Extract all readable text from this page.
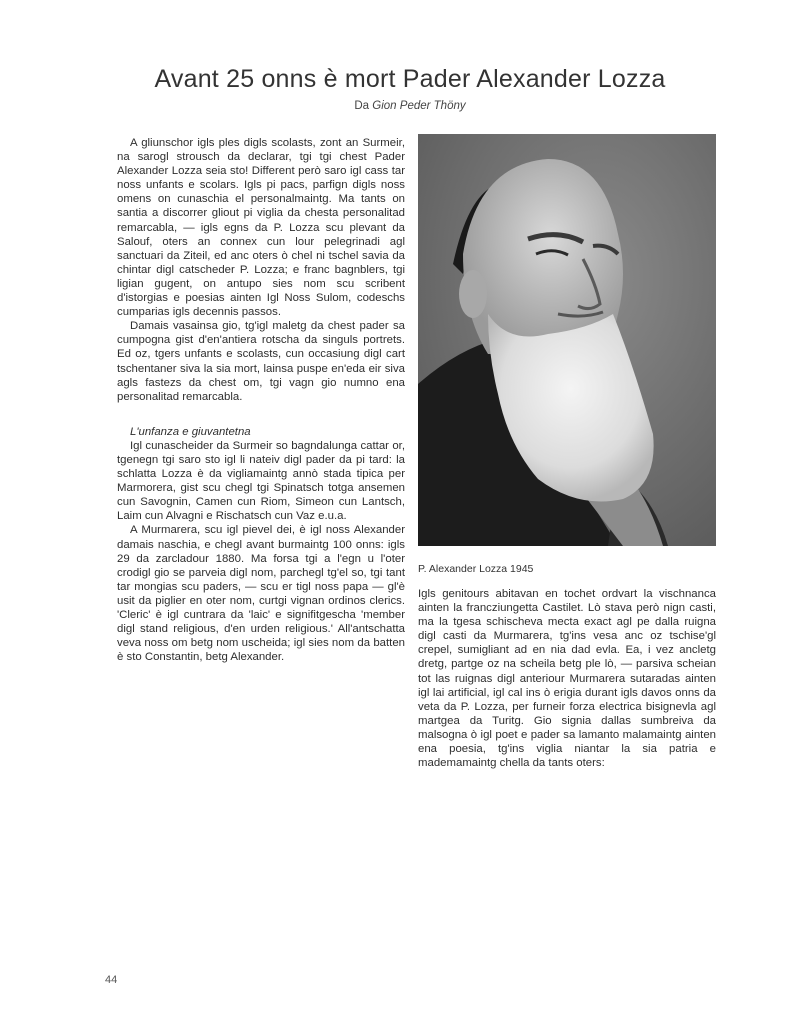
Avant 25 onns è mort Pader Alexander Lozza
Da Gion Peder Thöny

A gliunschor igls ples digls scolasts, zont an Surmeir, na sarogl strousch da declarar, tgi tgi chest Pader Alexander Lozza seia sto! Different però saro igl cass tar noss unfants e scolars. Igls pi pacs, parfign digls noss omens on cunaschia el personalmaintg. Ma tants on santia a discorrer gliout pi viglia da chesta personalitad remarcabla, — igls egns da P. Lozza scu plevant da Salouf, oters an connex cun lour pelegrinadi agl sanctuari da Ziteil, ed anc oters ò chel ni tschel savia da chintar digl catscheder P. Lozza; e franc bagnblers, tgi ligian gugent, on antupo sies nom scu scribent d'istorgias e poesias ainten Igl Noss Sulom, codeschs cumparias igls decennis passos.

Damais vasainsa gio, tg'igl maletg da chest pader sa cumpogna gist d'en'antiera rotscha da singuls portrets. Ed oz, tgers unfants e scolasts, cun occasiung digl cart tschentaner siva la sia mort, lainsa puspe en'eda eir siva agls fastezs da chest om, tgi vagn gio numno ena personalitad remarcabla.

L'unfanza e giuvantetna

Igl cunascheider da Surmeir so bagndalunga cattar or, tgenegn tgi saro sto igl li nateiv digl pader da pi tard: la schlatta Lozza è da vigliamaintg annò stada tipica per Marmorera, gist scu chegl tgi Spinatsch totga ansemen cun Savognin, Camen cun Riom, Simeon cun Lantsch, Laim cun Alvagni e Rischatsch cun Vaz e.u.a.

A Murmarera, scu igl pievel dei, è igl noss Alexander damais naschia, e chegl avant burmaintg 100 onns: igls 29 da zarcladour 1880. Ma forsa tgi a l'egn u l'oter crodigl gio se parveia digl nom, parchegl tg'el so, tgi tant tar mongias scu paders, — scu er tigl noss papa — gl'è usit da piglier en oter nom, curtgi vignan ordinos clerics. 'Cleric' è igl cuntrara da 'laic' e signifitgescha 'member digl stand religious, d'en urden religious.' All'antschatta veva noss om betg nom uscheida; igl sies nom da batten è sto Constantin, betg Alexander.

P. Alexander Lozza 1945

Igls genitours abitavan en tochet ordvart la vischnanca ainten la francziungetta Castilet. Lò stava però nign casti, ma la tgesa schischeva mecta exact agl pe dalla ruigna digl casti da Murmarera, tg'ins vesa anc oz tschise'gl crepel, sumigliant ad en nia dad evla. Ea, i vez ancletg dretg, partge oz na scheila betg ple lò, — parsiva scheian tot las ruignas digl anteriour Murmarera sutaradas ainten igl lai artificial, igl cal ins ò erigia durant igls davos onns da veta da P. Lozza, per furneir forza electrica bisignevla agl martgea da Turitg. Gio signia dallas sumbreiva da malsogna ò igl poet e pader sa lamanto malamaintg ainten ena poesia, tg'ins viglia niantar la sia patria e mademamaintg chella da tants oters:

44
